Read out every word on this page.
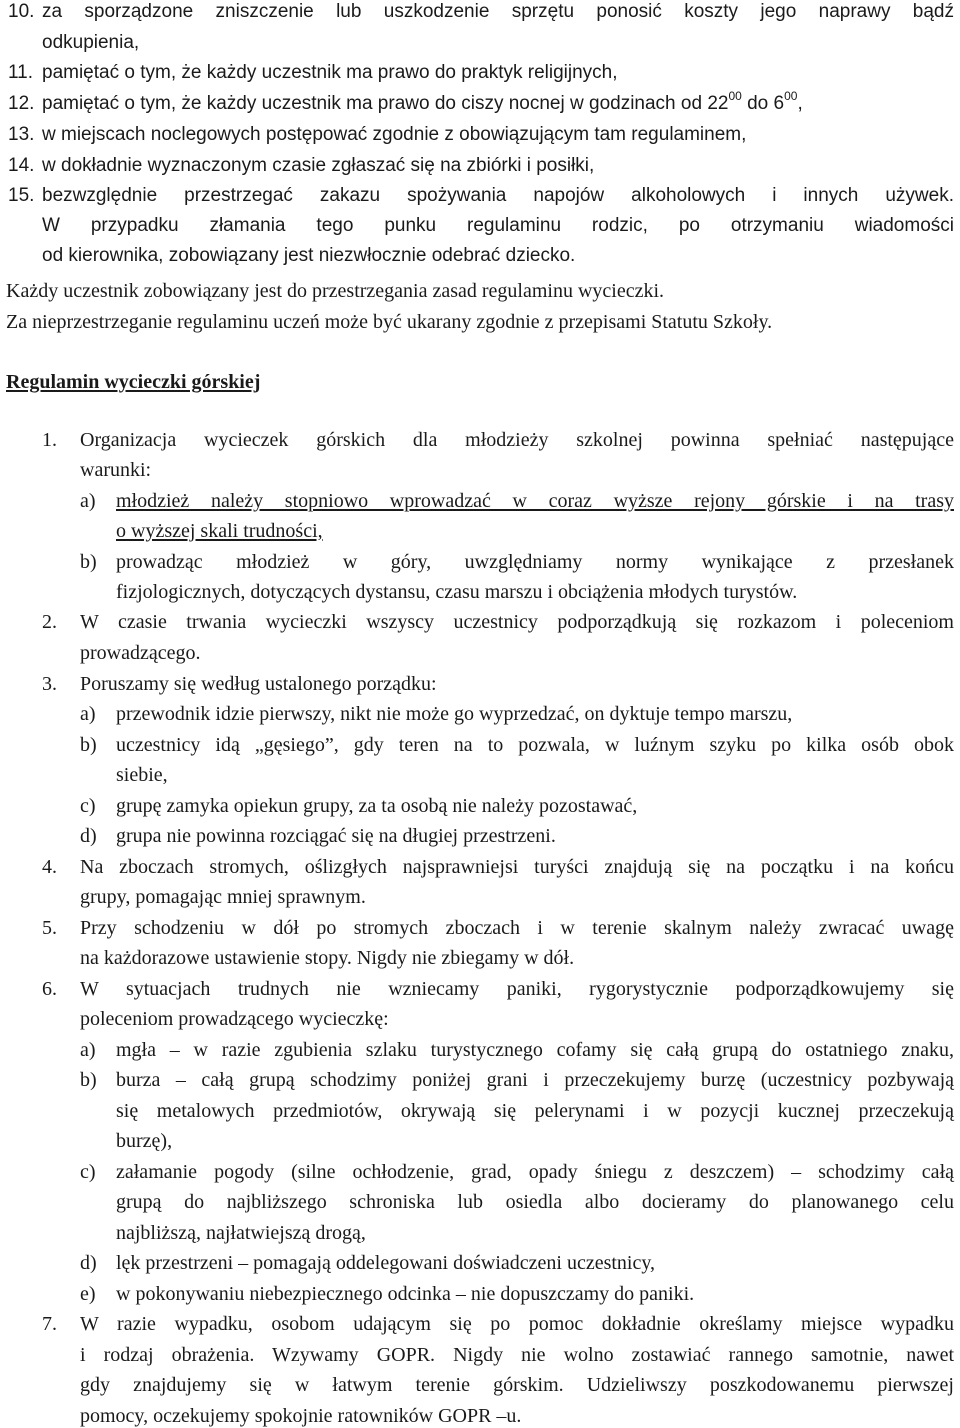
10. za sporządzone zniszczenie lub uszkodzenie sprzętu ponosić koszty jego naprawy bądź
odkupienia,
11. pamiętać o tym, że każdy uczestnik ma prawo do praktyk religijnych,
12. pamiętać o tym, że każdy uczestnik ma prawo do ciszy nocnej w godzinach od $22^{00}$ do $6^{00}$,
13. w miejscach noclegowych postępować zgodnie z obowiązującym tam regulaminem,
14. w dokładnie wyznaczonym czasie zgłaszać się na zbiórki i posiłki,
15. bezwzględnie przestrzegać zakazu spożywania napojów alkoholowych i innych używek.
W przypadku złamania tego punku regulaminu rodzic, po otrzymaniu wiadomości
od kierownika, zobowiązany jest niezwłocznie odebrać dziecko.
Każdy uczestnik zobowiązany jest do przestrzegania zasad regulaminu wycieczki.
Za nieprzestrzeganie regulaminu uczeń może być ukarany zgodnie z przepisami Statutu Szkoły.
Regulamin wycieczki górskiej
1. Organizacja wycieczek górskich dla młodzieży szkolnej powinna spełniać następujące
warunki:
a) młodzież należy stopniowo wprowadzać w coraz wyższe rejony górskie i na trasy
o wyższej skali trudności,
b) prowadząc młodzież w góry, uwzględniamy normy wynikające z przesłanek
fizjologicznych, dotyczących dystansu, czasu marszu i obciążenia młodych turystów.
2. W czasie trwania wycieczki wszyscy uczestnicy podporządkują się rozkazom i poleceniom
prowadzącego.
3. Poruszamy się według ustalonego porządku:
a) przewodnik idzie pierwszy, nikt nie może go wyprzedzać, on dyktuje tempo marszu,
b) uczestnicy idą „gęsiego”, gdy teren na to pozwala, w luźnym szyku po kilka osób obok
siebie,
c) grupę zamyka opiekun grupy, za ta osobą nie należy pozostawać,
d) grupa nie powinna rozciągać się na długiej przestrzeni.
4. Na zboczach stromych, oślizgłych najsprawniejsi turyści znajdują się na początku i na końcu
grupy, pomagając mniej sprawnym.
5. Przy schodzeniu w dół po stromych zboczach i w terenie skalnym należy zwracać uwagę
na każdorazowe ustawienie stopy. Nigdy nie zbiegamy w dół.
6. W sytuacjach trudnych nie wzniecamy paniki, rygorystycznie podporządkowujemy się
poleceniom prowadzącego wycieczkę:
a) mgła – w razie zgubienia szlaku turystycznego cofamy się całą grupą do ostatniego znaku,
b) burza – całą grupą schodzimy poniżej grani i przeczekujemy burzę (uczestnicy pozbywają
się metalowych przedmiotów, okrywają się pelerynami i w pozycji kucznej przeczekują
burzę),
c) załamanie pogody (silne ochłodzenie, grad, opady śniegu z deszczem) – schodzimy całą
grupą do najbliższego schroniska lub osiedla albo docieramy do planowanego celu
najbliższą, najłatwiejszą drogą,
d) lęk przestrzeni – pomagają oddelegowani doświadczeni uczestnicy,
e) w pokonywaniu niebezpiecznego odcinka – nie dopuszczamy do paniki.
7. W razie wypadku, osobom udającym się po pomoc dokładnie określamy miejsce wypadku
i rodzaj obrażenia. Wzywamy GOPR. Nigdy nie wolno zostawiać rannego samotnie, nawet
gdy znajdujemy się w łatwym terenie górskim. Udzieliwszy poszkodowanemu pierwszej
pomocy, oczekujemy spokojnie ratowników GOPR –u.
